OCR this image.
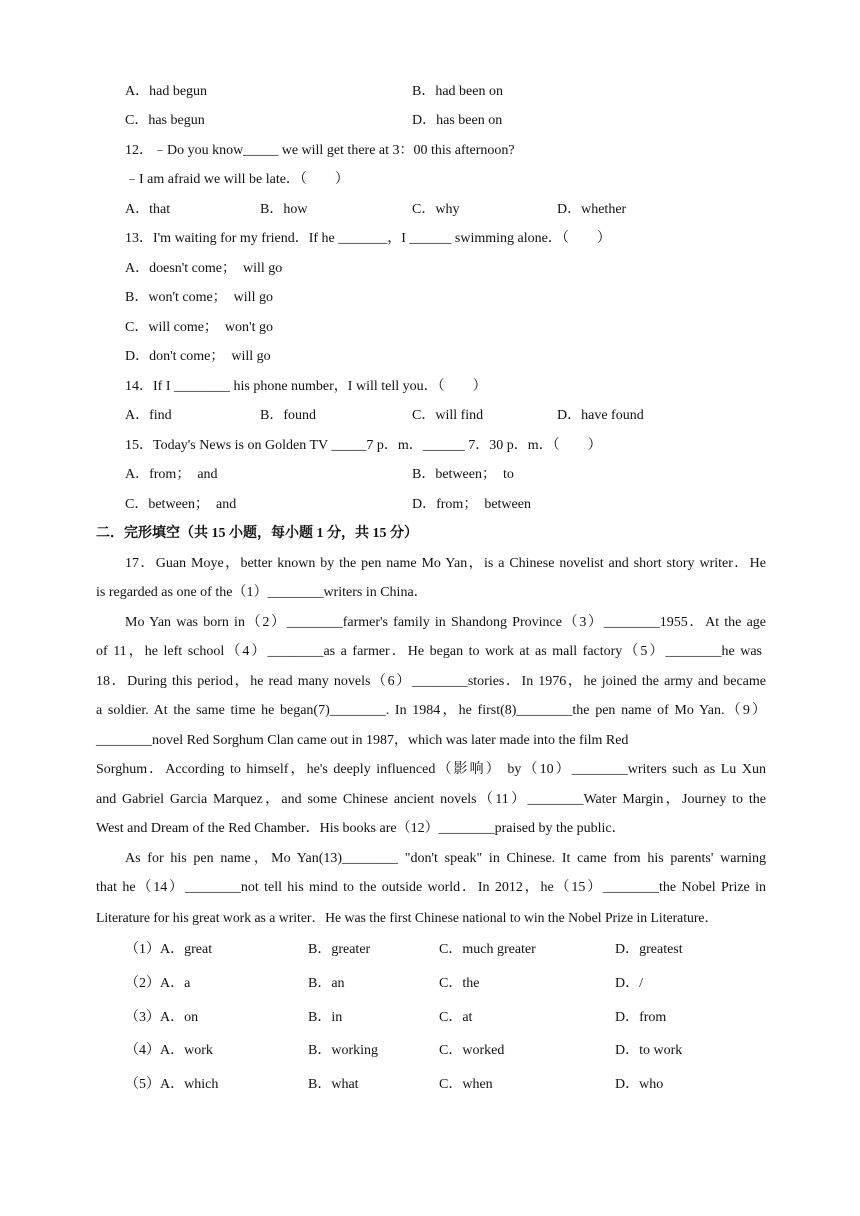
A．had begun	B．had been on
C．has begun	D．has been on
12．﹣Do you know_____ we will get there at 3：00 this afternoon?
﹣I am afraid we will be late．（　　）
A．that	B．how	C．why	D．whether
13．I'm waiting for my friend．If he _______，I ______ swimming alone．（　　）
A．doesn't come；　will go
B．won't come；　will go
C．will come；　won't go
D．don't come；　will go
14．If I ________ his phone number，I will tell you．（　　）
A．find	B．found	C．will find	D．have found
15．Today's News is on Golden TV _____7 p．m．______ 7．30 p．m．（　　）
A．from；　and	B．between；　to
C．between；　and	D．from；　between
二．完形填空（共 15 小题，每小题 1 分，共 15 分）
17．Guan Moye，better known by the pen name Mo Yan，is a Chinese novelist and short story writer．He
is regarded as one of the（1）________writers in China．
Mo Yan was born in（2）________farmer's family in Shandong Province（3）________1955．At the age
of 11，he left school（4）________as a farmer．He began to work at as mall factory（5）________he was
18．During this period，he read many novels（6）________stories．In 1976，he joined the army and became
a soldier. At the same time he began(7)________. In 1984，he first(8)________the pen name of Mo Yan.（9）
________novel Red Sorghum Clan came out in 1987，which was later made into the film Red
Sorghum．According to himself，he's deeply influenced（影响） by（10）________writers such as Lu Xun
and Gabriel Garcia Marquez，and some Chinese ancient novels（11）________Water Margin，Journey to the
West and Dream of the Red Chamber．His books are（12）________praised by the public．
As for his pen name，Mo Yan(13)________ "don't speak" in Chinese. It came from his parents' warning
that he（14）________not tell his mind to the outside world．In 2012，he（15）________the Nobel Prize in
Literature for his great work as a writer．He was the first Chinese national to win the Nobel Prize in Literature．
（1）A．great	B．greater	C．much greater	D．greatest
（2）A．a	B．an	C．the	D．/
（3）A．on	B．in	C．at	D．from
（4）A．work	B．working	C．worked	D．to work
（5）A．which	B．what	C．when	D．who
